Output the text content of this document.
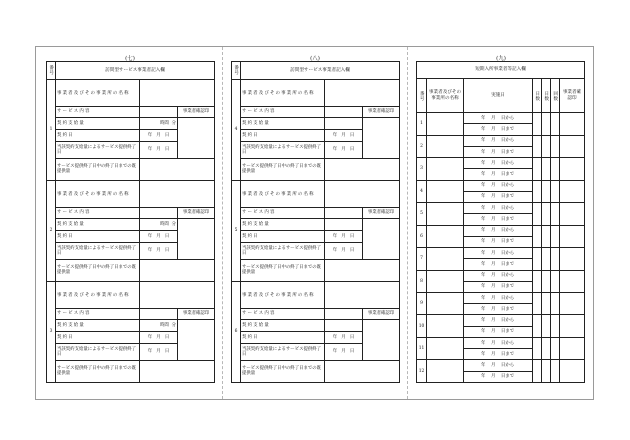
(七)
番号	訪問型サービス事業者記入欄		
1	事業者及びその事業所の名称		
	サービス内容		事業者確認印
	契約支給量	時間 分	

	契約日	年 月 日	
	当該契約支給量によるサービス提供終了日	年 月 日	
	サービス提供終了日中の終了日までの既提供量		
2	事業者及びその事業所の名称		
	サービス内容		事業者確認印
	契約支給量	時間 分	

	契約日	年 月 日	
	当該契約支給量によるサービス提供終了日	年 月 日	
	サービス提供終了日中の終了日までの既提供量		
3	事業者及びその事業所の名称		
	サービス内容		事業者確認印
	契約支給量	時間 分	

	契約日	年 月 日	
	当該契約支給量によるサービス提供終了日	年 月 日	
	サービス提供終了日中の終了日までの既提供量		
(八)
番号	訪問型サービス事業者記入欄		
4	事業者及びその事業所の名称		
	サービス内容		事業者確認印
	契約支給量		
	契約日	年 月 日	
	当該契約支給量によるサービス提供終了日	年 月 日	
	サービス提供終了日中の終了日までの既提供量		
5	事業者及びその事業所の名称		
	サービス内容		事業者確認印
	契約支給量		
	契約日	年 月 日	
	当該契約支給量によるサービス提供終了日	年 月 日	
	サービス提供終了日中の終了日までの既提供量		
6	事業者及びその事業所の名称		
	サービス内容		事業者確認印
	契約支給量		
	契約日	年 月 日	
	当該契約支給量によるサービス提供終了日	年 月 日	
	サービス提供終了日中の終了日までの既提供量		
(九)
短期入所事業者等記入欄						
番号	事業者及びその事業所の名称	実施日	日数	日数	回数	事業者確認印
1		年 月 日から				
		年 月 日まで				
2		年 月 日から				
		年 月 日まで				
3		年 月 日から				
		年 月 日まで				
4		年 月 日から				
		年 月 日まで				
5		年 月 日から				
		年 月 日まで				
6		年 月 日から				
		年 月 日まで				
7		年 月 日から				
		年 月 日まで				
8		年 月 日から				
		年 月 日まで				
9		年 月 日から				
		年 月 日まで				
10		年 月 日から				
		年 月 日まで				
11		年 月 日から				
		年 月 日まで				
12		年 月 日から				
		年 月 日まで				
